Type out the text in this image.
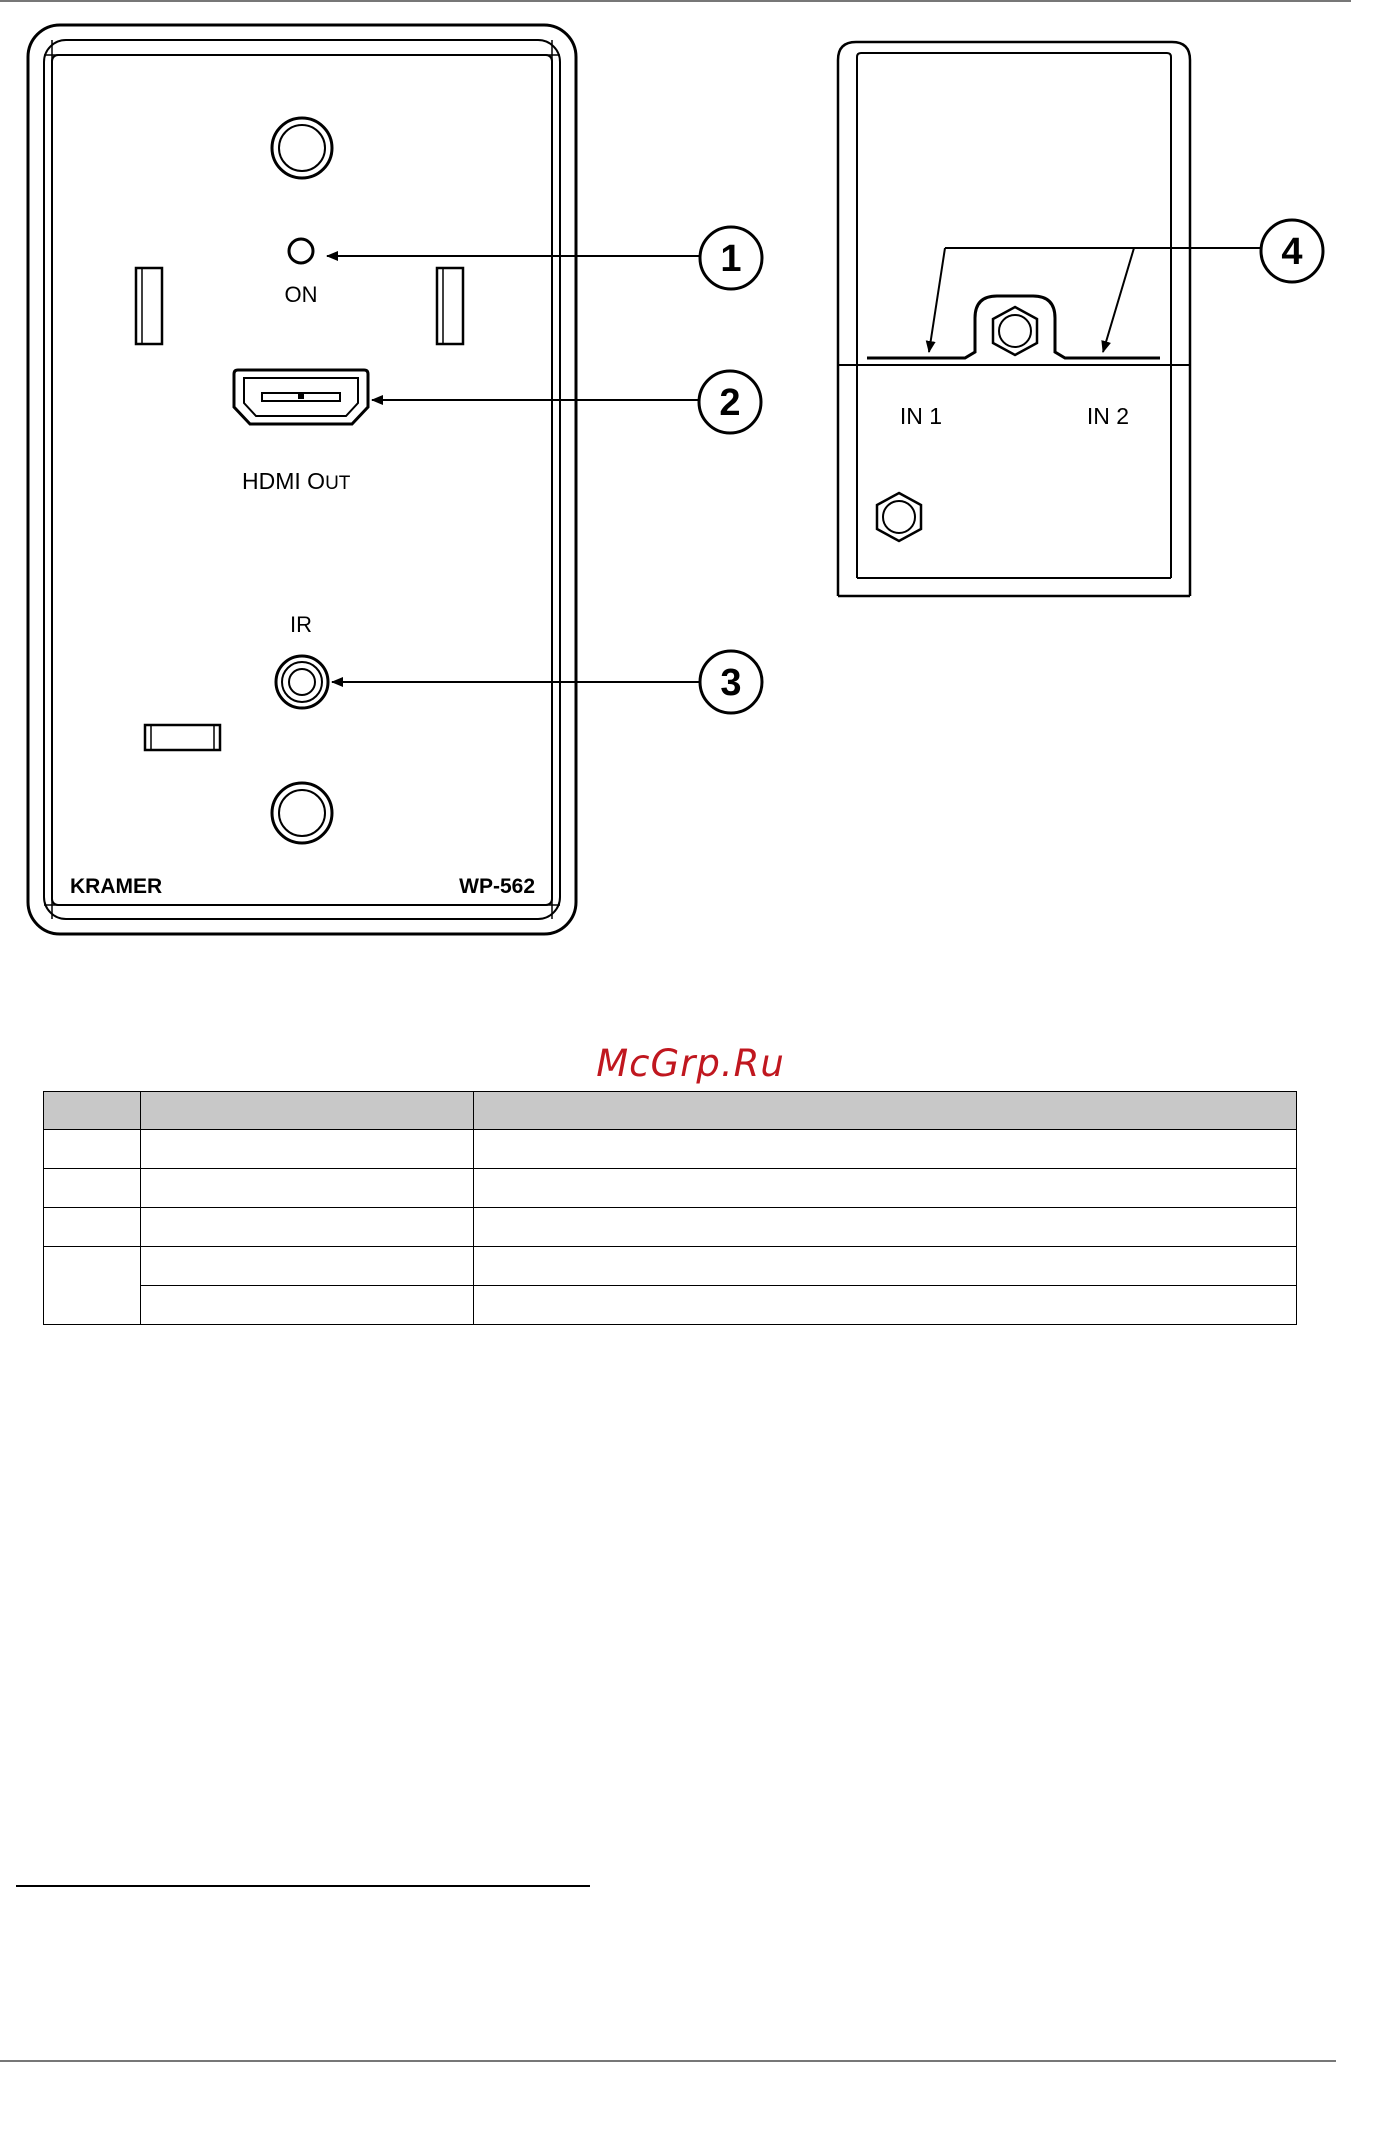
ON
HDMI OUT
IR
KRAMER	WP-562
1
2
3
IN 1	IN 2
4
McGrp.Ru
